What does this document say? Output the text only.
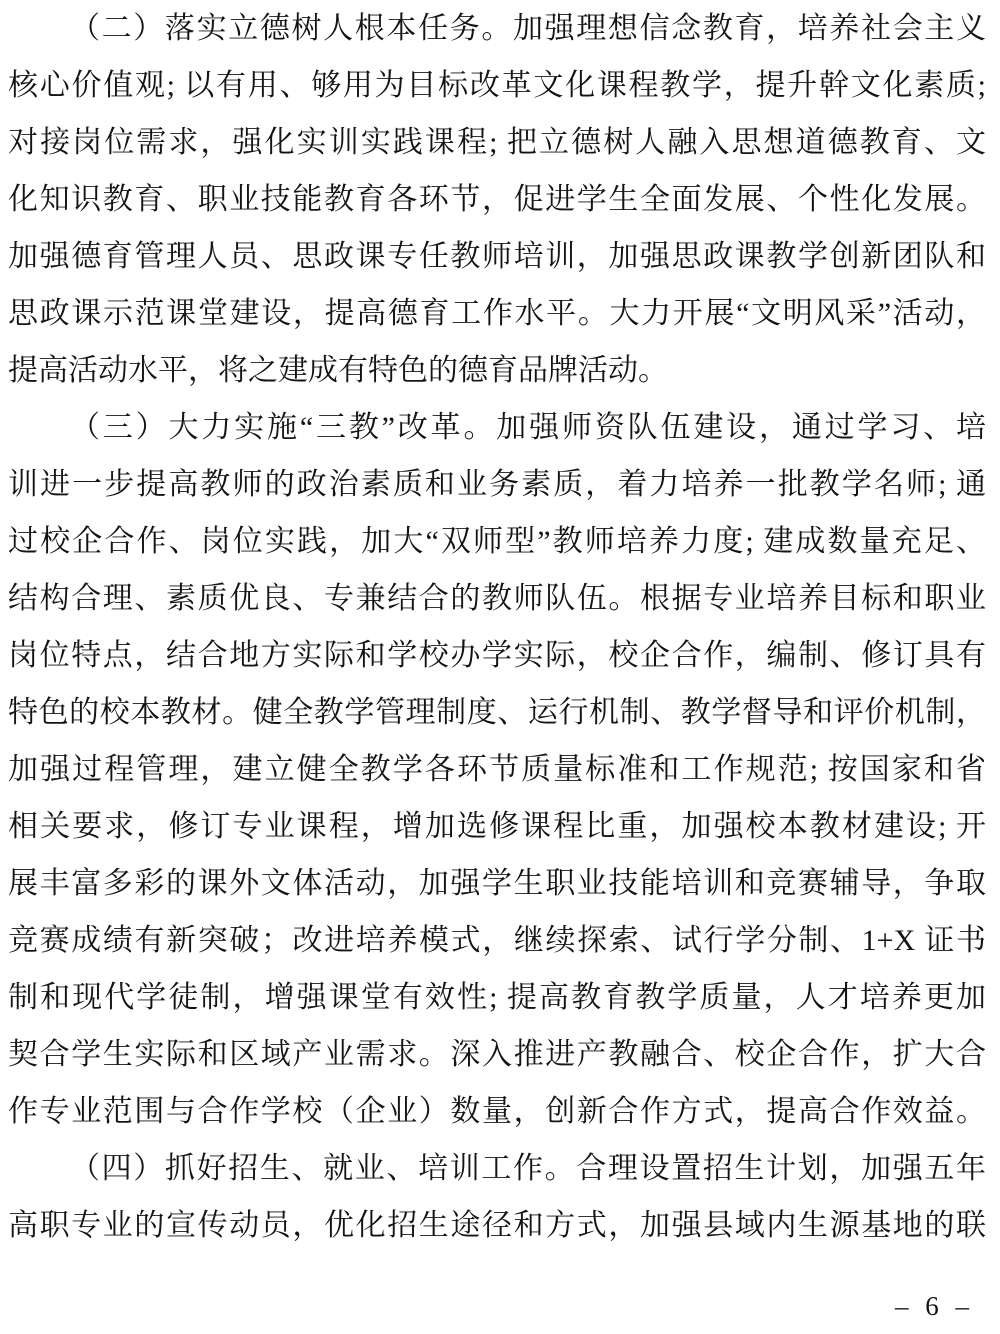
（二）落实立德树人根本任务。加强理想信念教育，培养社会主义
核心价值观; 以有用、够用为目标改革文化课程教学，提升幹文化素质;
对接岗位需求，强化实训实践课程; 把立德树人融入思想道德教育、文
化知识教育、职业技能教育各环节，促进学生全面发展、个性化发展。
加强德育管理人员、思政课专任教师培训，加强思政课教学创新团队和
思政课示范课堂建设，提高德育工作水平。大力开展“文明风采”活动，
提高活动水平，将之建成有特色的德育品牌活动。
（三）大力实施“三教”改革。加强师资队伍建设，通过学习、培
训进一步提高教师的政治素质和业务素质，着力培养一批教学名师; 通
过校企合作、岗位实践，加大“双师型”教师培养力度; 建成数量充足、
结构合理、素质优良、专兼结合的教师队伍。根据专业培养目标和职业
岗位特点，结合地方实际和学校办学实际，校企合作，编制、修订具有
特色的校本教材。健全教学管理制度、运行机制、教学督导和评价机制，
加强过程管理，建立健全教学各环节质量标准和工作规范; 按国家和省
相关要求，修订专业课程，增加选修课程比重，加强校本教材建设; 开
展丰富多彩的课外文体活动，加强学生职业技能培训和竞赛辅导，争取
竞赛成绩有新突破；改进培养模式，继续探索、试行学分制、1+X 证书
制和现代学徒制，增强课堂有效性; 提高教育教学质量，人才培养更加
契合学生实际和区域产业需求。深入推进产教融合、校企合作，扩大合
作专业范围与合作学校（企业）数量，创新合作方式，提高合作效益。
（四）抓好招生、就业、培训工作。合理设置招生计划，加强五年
高职专业的宣传动员，优化招生途径和方式，加强县域内生源基地的联
– 6 –
